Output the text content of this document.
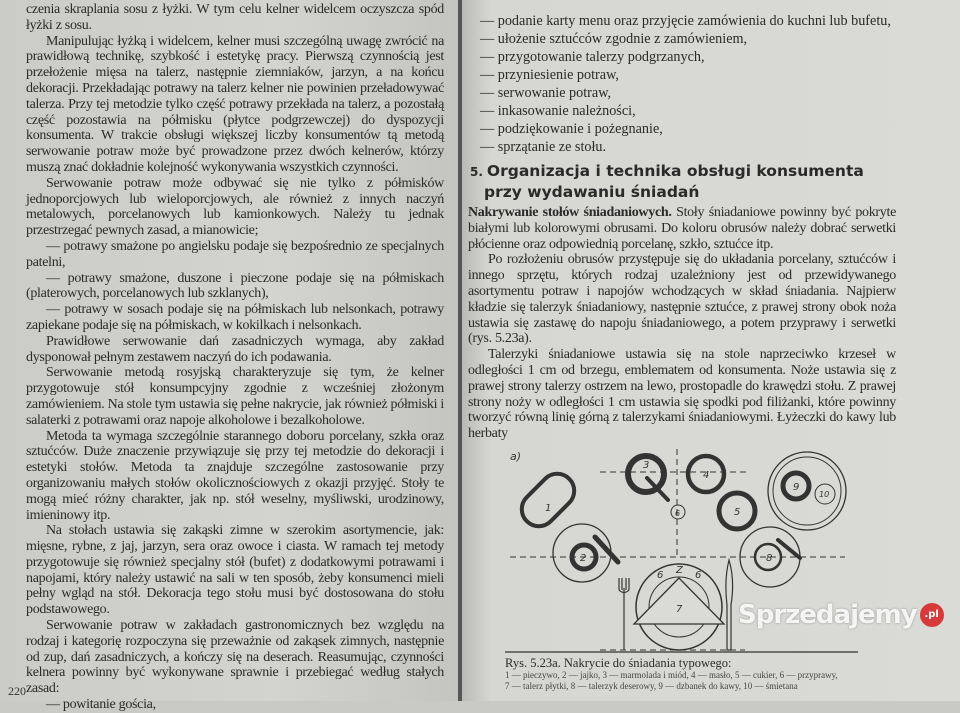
czenia skraplania sosu z łyżki. W tym celu kelner widelcem oczyszcza spód łyżki z sosu.

Manipulując łyżką i widelcem, kelner musi szczególną uwagę zwrócić na prawidłową technikę, szybkość i estetykę pracy. Pierwszą czynnością jest przełożenie mięsa na talerz, następnie ziemniaków, jarzyn, a na końcu dekoracji. Przekładając potrawy na talerz kelner nie powinien przeładowywać talerza. Przy tej metodzie tylko część potrawy przekłada na talerz, a pozostałą część pozostawia na półmisku (płytce podgrzewczej) do dyspozycji konsumenta. W trakcie obsługi większej liczby konsumentów tą metodą serwowanie potraw może być prowadzone przez dwóch kelnerów, którzy muszą znać dokładnie kolejność wykonywania wszystkich czynności.

Serwowanie potraw może odbywać się nie tylko z półmisków jednoporcjowych lub wieloporcjowych, ale również z innych naczyń metalowych, porcelanowych lub kamionkowych. Należy tu jednak przestrzegać pewnych zasad, a mianowicie;

— potrawy smażone po angielsku podaje się bezpośrednio ze specjalnych patelni,

— potrawy smażone, duszone i pieczone podaje się na półmiskach (platerowych, porcelanowych lub szklanych),

— potrawy w sosach podaje się na półmiskach lub nelsonkach, potrawy zapiekane podaje się na półmiskach, w kokilkach i nelsonkach.

Prawidłowe serwowanie dań zasadniczych wymaga, aby zakład dysponował pełnym zestawem naczyń do ich podawania.

Serwowanie metodą rosyjską charakteryzuje się tym, że kelner przygotowuje stół konsumpcyjny zgodnie z wcześniej złożonym zamówieniem. Na stole tym ustawia się pełne nakrycie, jak również półmiski i salaterki z potrawami oraz napoje alkoholowe i bezalkoholowe.

Metoda ta wymaga szczególnie starannego doboru porcelany, szkła oraz sztućców. Duże znaczenie przywiązuje się przy tej metodzie do dekoracji i estetyki stołów. Metoda ta znajduje szczególne zastosowanie przy organizowaniu małych stołów okolicznościowych z okazji przyjęć. Stoły te mogą mieć różny charakter, jak np. stół weselny, myśliwski, urodzinowy, imieninowy itp.

Na stołach ustawia się zakąski zimne w szerokim asortymencie, jak: mięsne, rybne, z jaj, jarzyn, sera oraz owoce i ciasta. W ramach tej metody przygotowuje się również specjalny stół (bufet) z dodatkowymi potrawami i napojami, który należy ustawić na sali w ten sposób, żeby konsumenci mieli pełny wgląd na stół. Dekoracja tego stołu musi być dostosowana do stołu podstawowego.

Serwowanie potraw w zakładach gastronomicznych bez względu na rodzaj i kategorię rozpoczyna się przeważnie od zakąsek zimnych, następnie od zup, dań zasadniczych, a kończy się na deserach. Reasumując, czynności kelnera powinny być wykonywane sprawnie i przebiegać według stałych zasad:

— powitanie gościa,

220
— podanie karty menu oraz przyjęcie zamówienia do kuchni lub bufetu,
— ułożenie sztućców zgodnie z zamówieniem,
— przygotowanie talerzy podgrzanych,
— przyniesienie potraw,
— serwowanie potraw,
— inkasowanie należności,
— podziękowanie i pożegnanie,
— sprzątanie ze stołu.
5. Organizacja i technika obsługi konsumenta
przy wydawaniu śniadań

Nakrywanie stołów śniadaniowych. Stoły śniadaniowe powinny być pokryte białymi lub kolorowymi obrusami. Do koloru obrusów należy dobrać serwetki płócienne oraz odpowiednią porcelanę, szkło, sztućce itp.

Po rozłożeniu obrusów przystępuje się do układania porcelany, sztućców i innego sprzętu, których rodzaj uzależniony jest od przewidywanego asortymentu potraw i napojów wchodzących w skład śniadania. Najpierw kładzie się talerzyk śniadaniowy, następnie sztućce, z prawej strony obok noża ustawia się zastawę do napoju śniadaniowego, a potem przyprawy i serwetki (rys. 5.23a).

Talerzyki śniadaniowe ustawia się na stole naprzeciwko krzeseł w odległości 1 cm od brzegu, emblematem od konsumenta. Noże ustawia się z prawej strony talerzy ostrzem na lewo, prostopadle do krawędzi stołu. Z prawej strony noży w odległości 1 cm ustawia się spodki pod filiżanki, które powinny tworzyć równą linię górną z talerzykami śniadaniowymi. Łyżeczki do kawy lub herbaty

a)
1
2
3
4
5
6
7
8
9
10
6 Z 6
Rys. 5.23a. Nakrycie do śniadania typowego:
1 — pieczywo, 2 — jajko, 3 — marmolada i miód, 4 — masło, 5 — cukier, 6 — przyprawy,
7 — talerz płytki, 8 — talerzyk deserowy, 9 — dzbanek do kawy, 10 — śmietana
Sprzedajemy .pl
